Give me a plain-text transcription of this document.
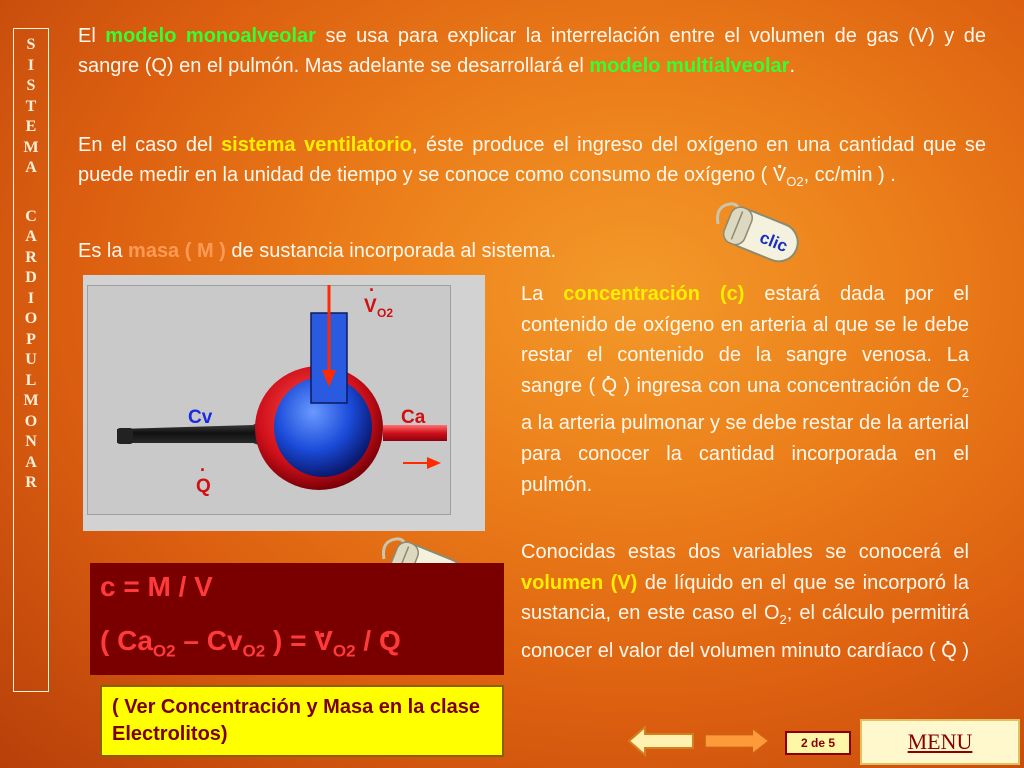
S
I
S
T
E
M
A
C
A
R
D
I
O
P
U
L
M
O
N
A
R
El modelo monoalveolar se usa para explicar la interrelación entre el volumen de gas (V) y de sangre (Q) en el pulmón. Mas adelante se desarrollará el modelo multialveolar.
En el caso del sistema ventilatorio, éste produce el ingreso del oxígeno en una cantidad que se puede medir en la unidad de tiempo y se conoce como consumo de oxígeno ( . $V_{O2}$, cc/min ) .
Es la masa ( M ) de sustancia incorporada al sistema.	clic
V
.
O2
Cv	Ca
Q
.
La concentración (c) estará dada por el contenido de oxígeno en arteria al que se le debe restar el contenido de la sangre venosa. La sangre ( . Q ) ingresa con una concentración de $O_2$ a la arteria pulmonar y se debe restar de la arterial para conocer la cantidad incorporada en el pulmón.
Conocidas estas dos variables se conocerá el volumen (V) de líquido en el que se incorporó la sustancia, en este caso el $O_2$; el cálculo permitirá conocer el valor del volumen minuto cardíaco ( . Q )
c = M / V
( $Ca_{O2} - Cv_{O2}$ ) = . $V_{O2}$ / . Q
( Ver Concentración y Masa en la clase Electrolitos)	2 de 5	MENU
